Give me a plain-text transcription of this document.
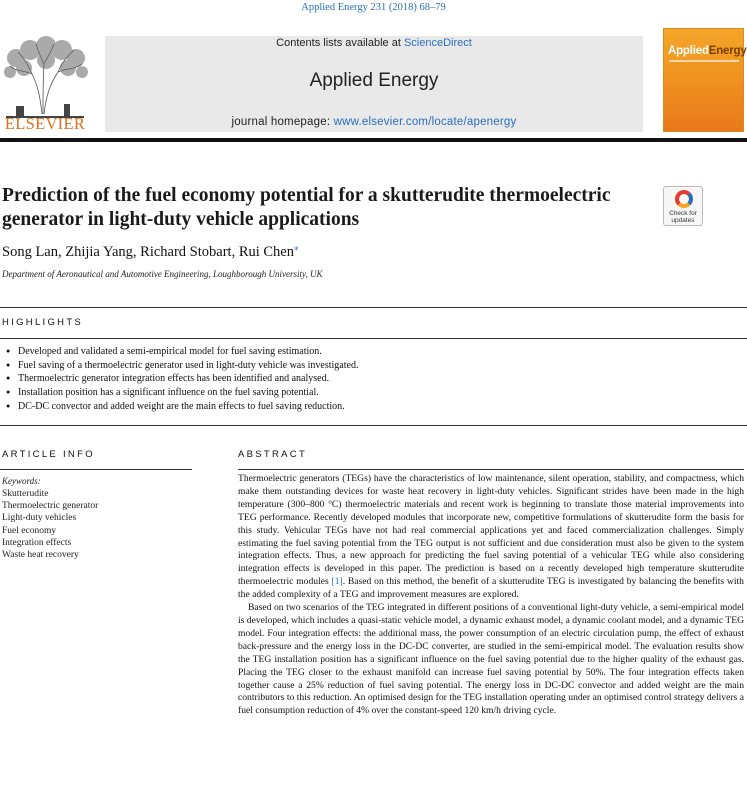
Applied Energy 231 (2018) 68–79
ELSEVIER
Contents lists available at ScienceDirect
Applied Energy
journal homepage: www.elsevier.com/locate/apenergy
AppliedEnergy
Prediction of the fuel economy potential for a skutterudite thermoelectric generator in light-duty vehicle applications	Check for updates
Song Lan, Zhijia Yang, Richard Stobart, Rui Chen⁎
Department of Aeronautical and Automotive Engineering, Loughborough University, UK
HIGHLIGHTS
● Developed and validated a semi-empirical model for fuel saving estimation.
● Fuel saving of a thermoelectric generator used in light-duty vehicle was investigated.
● Thermoelectric generator integration effects has been identified and analysed.
● Installation position has a significant influence on the fuel saving potential.
● DC-DC convector and added weight are the main effects to fuel saving reduction.
ARTICLE INFO
Keywords:
Skutterudite
Thermoelectric generator
Light-duty vehicles
Fuel economy
Integration effects
Waste heat recovery
ABSTRACT

Thermoelectric generators (TEGs) have the characteristics of low maintenance, silent operation, stability, and compactness, which make them outstanding devices for waste heat recovery in light-duty vehicles. Significant strides have been made in the high temperature (300–800 °C) thermoelectric materials and recent work is beginning to translate those material improvements into TEG performance. Recently developed modules that incorporate new, competitive formulations of skutterudite form the basis for this study. Vehicular TEGs have not had real commercial applications yet and faced commercialization challenges. Simply estimating the fuel saving potential from the TEG output is not sufficient and due consideration must also be given to the system integration effects. Thus, a new approach for predicting the fuel saving potential of a vehicular TEG while also considering integration effects is developed in this paper. The prediction is based on a recently developed high temperature skutterudite thermoelectric modules [1]. Based on this method, the benefit of a skutterudite TEG is investigated by balancing the benefits with the added complexity of a TEG and improvement measures are explored.

Based on two scenarios of the TEG integrated in different positions of a conventional light-duty vehicle, a semi-empirical model is developed, which includes a quasi-static vehicle model, a dynamic exhaust model, a dynamic coolant model, and a dynamic TEG model. Four integration effects: the additional mass, the power consumption of an electric circulation pump, the effect of exhaust back-pressure and the energy loss in the DC-DC converter, are studied in the semi-empirical model. The evaluation results show the TEG installation position has a significant influence on the fuel saving potential due to the higher quality of the exhaust gas. Placing the TEG closer to the exhaust manifold can increase fuel saving potential by 50%. The four integration effects taken together cause a 25% reduction of fuel saving potential. The energy loss in DC-DC convector and added weight are the main contributors to this reduction. An optimised design for the TEG installation operating under an optimised control strategy delivers a fuel consumption reduction of 4% over the constant-speed 120 km/h driving cycle.
